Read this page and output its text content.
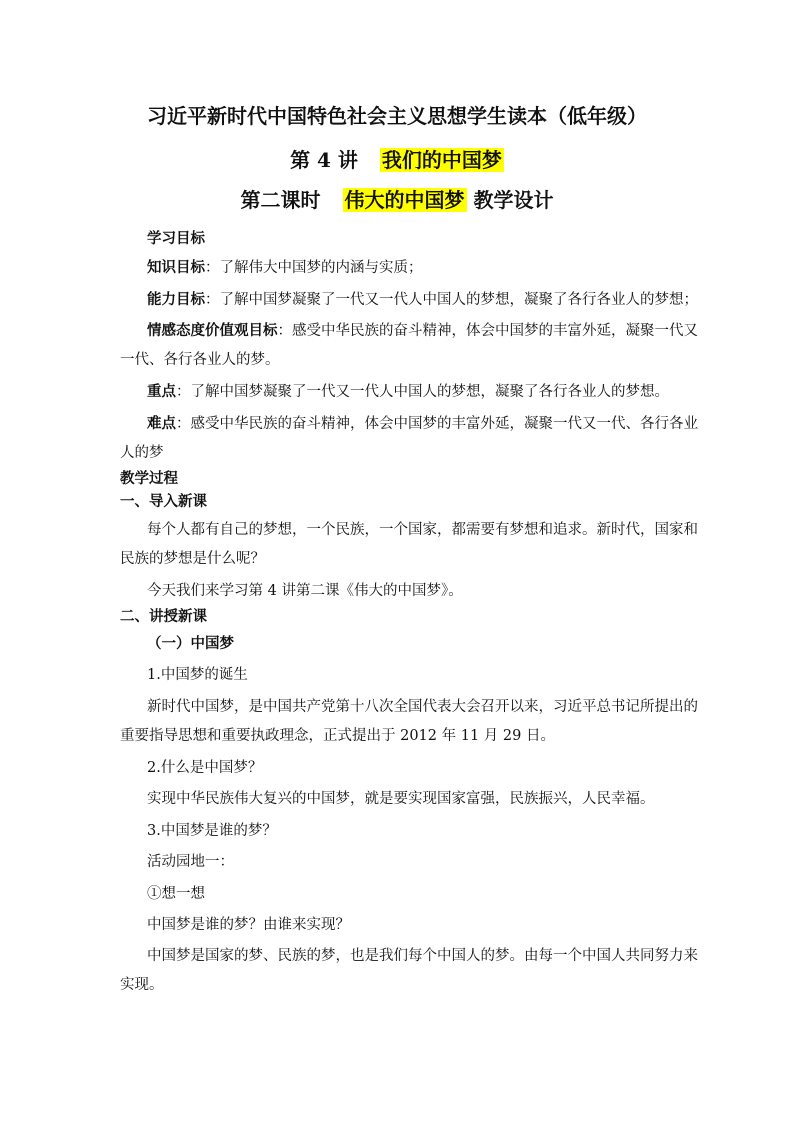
习近平新时代中国特色社会主义思想学生读本（低年级）
第 4 讲 我们的中国梦
第二课时 伟大的中国梦 教学设计
学习目标
知识目标：了解伟大中国梦的内涵与实质；
能力目标：了解中国梦凝聚了一代又一代人中国人的梦想，凝聚了各行各业人的梦想；
情感态度价值观目标：感受中华民族的奋斗精神，体会中国梦的丰富外延，凝聚一代又
一代、各行各业人的梦。
重点：了解中国梦凝聚了一代又一代人中国人的梦想，凝聚了各行各业人的梦想。
难点：感受中华民族的奋斗精神，体会中国梦的丰富外延，凝聚一代又一代、各行各业
人的梦
教学过程
一、导入新课
每个人都有自己的梦想，一个民族，一个国家，都需要有梦想和追求。新时代，国家和
民族的梦想是什么呢？
今天我们来学习第 4 讲第二课《伟大的中国梦》。
二、讲授新课
（一）中国梦
1.中国梦的诞生
新时代中国梦，是中国共产党第十八次全国代表大会召开以来，习近平总书记所提出的
重要指导思想和重要执政理念，正式提出于 2012 年 11 月 29 日。
2.什么是中国梦？
实现中华民族伟大复兴的中国梦，就是要实现国家富强，民族振兴，人民幸福。
3.中国梦是谁的梦？
活动园地一：
①想一想
中国梦是谁的梦？由谁来实现？
中国梦是国家的梦、民族的梦，也是我们每个中国人的梦。由每一个中国人共同努力来
实现。
